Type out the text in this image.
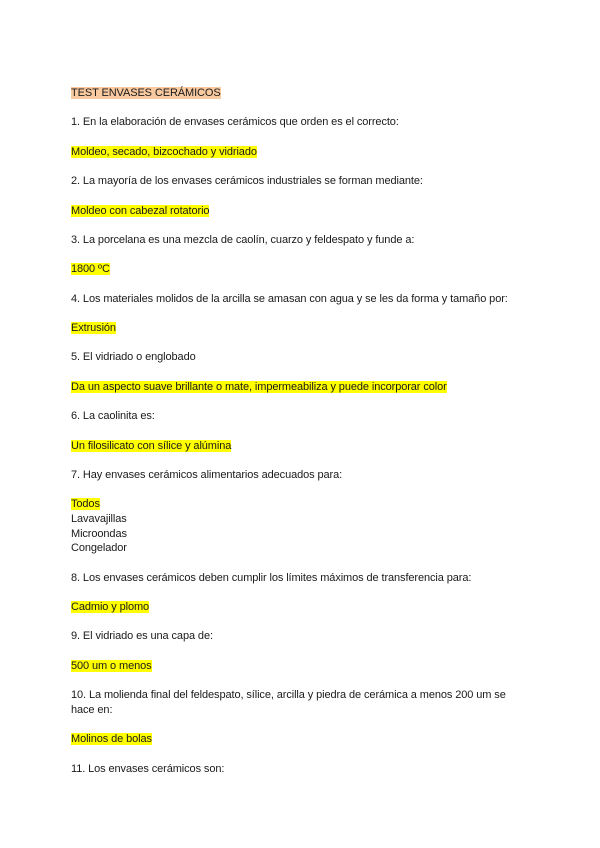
TEST ENVASES CERÁMICOS
1. En la elaboración de envases cerámicos que orden es el correcto:
Moldeo, secado, bizcochado y vidriado
2. La mayoría de los envases cerámicos industriales se forman mediante:
Moldeo con cabezal rotatorio
3. La porcelana es una mezcla de caolín, cuarzo y feldespato y funde a:
1800 ºC
4. Los materiales molidos de la arcilla se amasan con agua y se les da forma y tamaño por:
Extrusión
5. El vidriado o englobado
Da un aspecto suave brillante o mate, impermeabiliza y puede incorporar color
6. La caolinita es:
Un filosilicato con sílice y alúmina
7. Hay envases cerámicos alimentarios adecuados para:
Todos
Lavavajillas
Microondas
Congelador
8. Los envases cerámicos deben cumplir los límites máximos de transferencia para:
Cadmio y plomo
9. El vidriado es una capa de:
500 um o menos
10. La molienda final del feldespato, sílice, arcilla y piedra de cerámica a menos 200 um se hace en:
Molinos de bolas
11. Los envases cerámicos son:
